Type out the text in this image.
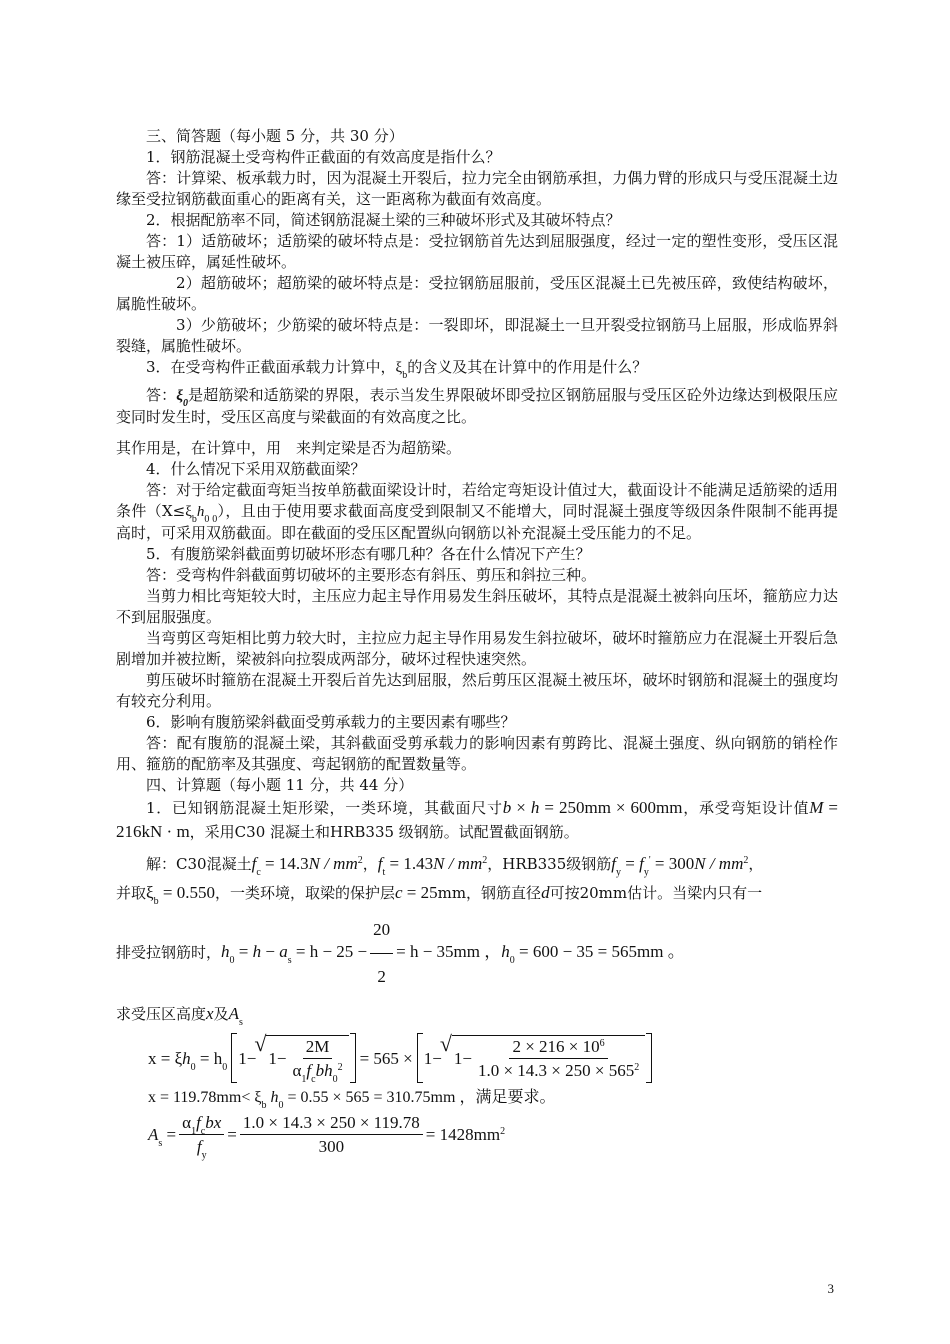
三、简答题（每小题 5 分，共 30 分）

1．钢筋混凝土受弯构件正截面的有效高度是指什么？

答：计算梁、板承载力时，因为混凝土开裂后，拉力完全由钢筋承担，力偶力臂的形成只与受压混凝土边缘至受拉钢筋截面重心的距离有关，这一距离称为截面有效高度。

2．根据配筋率不同，简述钢筋混凝土梁的三种破坏形式及其破坏特点？

答：1）适筋破坏；适筋梁的破坏特点是：受拉钢筋首先达到屈服强度，经过一定的塑性变形，受压区混凝土被压碎，属延性破坏。

2）超筋破坏；超筋梁的破坏特点是：受拉钢筋屈服前，受压区混凝土已先被压碎，致使结构破坏，属脆性破坏。

3）少筋破坏；少筋梁的破坏特点是：一裂即坏，即混凝土一旦开裂受拉钢筋马上屈服，形成临界斜裂缝，属脆性破坏。

3．在受弯构件正截面承载力计算中，$\xi_b$的含义及其在计算中的作用是什么？

答：$\xi_0$是超筋梁和适筋梁的界限，表示当发生界限破坏即受拉区钢筋屈服与受压区砼外边缘达到极限压应变同时发生时，受压区高度与梁截面的有效高度之比。

其作用是，在计算中，用　来判定梁是否为超筋梁。

4．什么情况下采用双筋截面梁？

答：对于给定截面弯矩当按单筋截面梁设计时，若给定弯矩设计值过大，截面设计不能满足适筋梁的适用条件$(X\le\xi_bh_{0 0})$，且由于使用要求截面高度受到限制又不能增大，同时混凝土强度等级因条件限制不能再提高时，可采用双筋截面。即在截面的受压区配置纵向钢筋以补充混凝土受压能力的不足。

5．有腹筋梁斜截面剪切破坏形态有哪几种？各在什么情况下产生？

答：受弯构件斜截面剪切破坏的主要形态有斜压、剪压和斜拉三种。

当剪力相比弯矩较大时，主压应力起主导作用易发生斜压破坏，其特点是混凝土被斜向压坏，箍筋应力达不到屈服强度。

当弯剪区弯矩相比剪力较大时，主拉应力起主导作用易发生斜拉破坏，破坏时箍筋应力在混凝土开裂后急剧增加并被拉断，梁被斜向拉裂成两部分，破坏过程快速突然。

剪压破坏时箍筋在混凝土开裂后首先达到屈服，然后剪压区混凝土被压坏，破坏时钢筋和混凝土的强度均有较充分利用。

6．影响有腹筋梁斜截面受剪承载力的主要因素有哪些？

答：配有腹筋的混凝土梁，其斜截面受剪承载力的影响因素有剪跨比、混凝土强度、纵向钢筋的销栓作用、箍筋的配筋率及其强度、弯起钢筋的配置数量等。

四、计算题（每小题 11 分，共 44 分）

1．已知钢筋混凝土矩形梁，一类环境，其截面尺寸b × h = 250mm × 600mm，承受弯矩设计值M = 216kN · m，采用C30 混凝土和HRB335 级钢筋。试配置截面钢筋。

解：C30混凝土$f_c = 14.3N / mm^2$，$f_t = 1.43N / mm^2$，HRB335级钢筋$f_y = f_y' = 300N / mm^2$，

并取$\xi_b = 0.550$，一类环境，取梁的保护层c = 25mm，钢筋直径d可按20mm估计。当梁内只有一

排受拉钢筋时，$h_0 = h - a_s = h - 25 - \frac{20}{2} = h - 35mm$ ，$h_0 = 600 - 35 = 565mm$ 。

求受压区高度x及$A_s$

$x = \xi h_0 = h_0$ 1− √ $1- \frac{2M}{\alpha_1f_cbh_0^2} = 565 \times 1-$ √ $1- \frac{2 \times 216 \times 10^6}{1.0 \times 14.3 \times 250 \times 565^2}$
$x = 119.78mm< \xi_b$ $h_0 = 0.55 \times 565 = 310.75mm$ ，满足要求。
$A_s = \frac{\alpha_1f_cbx}{f_y} = \frac{1.0 \times 14.3 \times 250 \times 119.78}{300} = 1428mm^2$
3
